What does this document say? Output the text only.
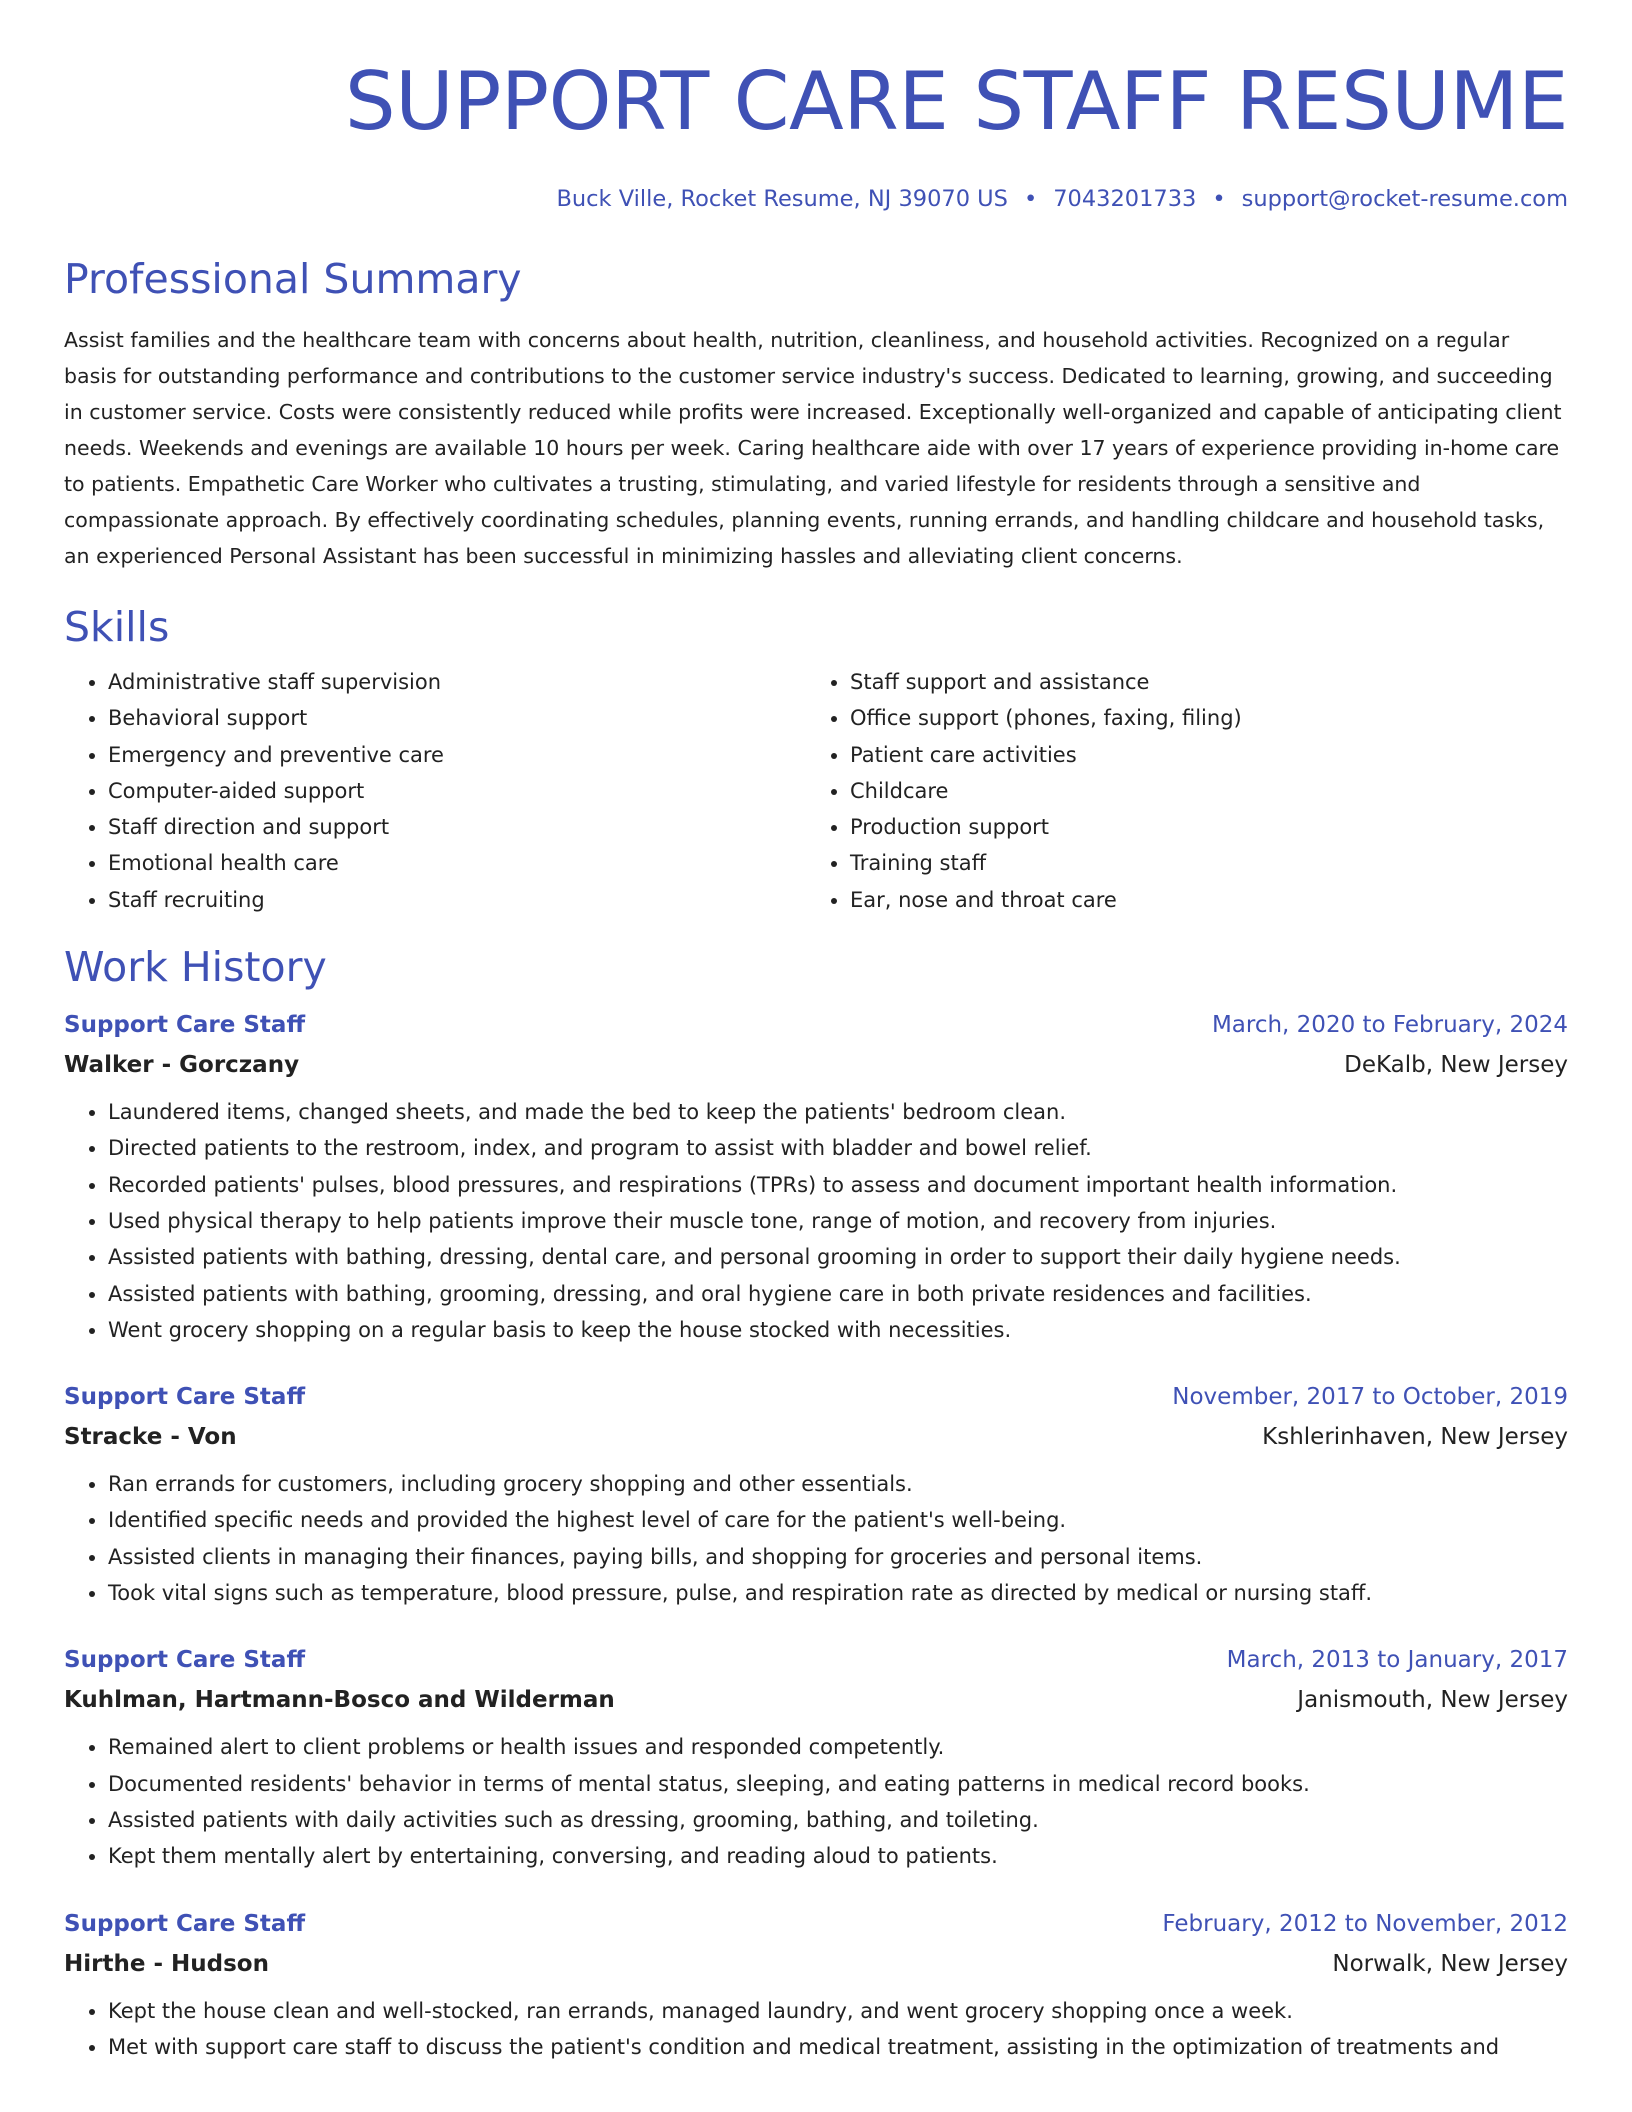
SUPPORT CARE STAFF RESUME
Buck Ville, Rocket Resume, NJ 39070 US • 7043201733 • support@rocket-resume.com
Professional Summary

Assist families and the healthcare team with concerns about health, nutrition, cleanliness, and household activities. Recognized on a regular basis for outstanding performance and contributions to the customer service industry's success. Dedicated to learning, growing, and succeeding in customer service. Costs were consistently reduced while profits were increased. Exceptionally well-organized and capable of anticipating client needs. Weekends and evenings are available 10 hours per week. Caring healthcare aide with over 17 years of experience providing in-home care to patients. Empathetic Care Worker who cultivates a trusting, stimulating, and varied lifestyle for residents through a sensitive and compassionate approach. By effectively coordinating schedules, planning events, running errands, and handling childcare and household tasks, an experienced Personal Assistant has been successful in minimizing hassles and alleviating client concerns.

Skills
• Administrative staff supervision
• Behavioral support
• Emergency and preventive care
• Computer-aided support
• Staff direction and support
• Emotional health care
• Staff recruiting
• Staff support and assistance
• Office support (phones, faxing, filing)
• Patient care activities
• Childcare
• Production support
• Training staff
• Ear, nose and throat care
Work History
Support Care Staff	March, 2020 to February, 2024
Walker - Gorczany	DeKalb, New Jersey
• Laundered items, changed sheets, and made the bed to keep the patients' bedroom clean.
• Directed patients to the restroom, index, and program to assist with bladder and bowel relief.
• Recorded patients' pulses, blood pressures, and respirations (TPRs) to assess and document important health information.
• Used physical therapy to help patients improve their muscle tone, range of motion, and recovery from injuries.
• Assisted patients with bathing, dressing, dental care, and personal grooming in order to support their daily hygiene needs.
• Assisted patients with bathing, grooming, dressing, and oral hygiene care in both private residences and facilities.
• Went grocery shopping on a regular basis to keep the house stocked with necessities.
Support Care Staff	November, 2017 to October, 2019
Stracke - Von	Kshlerinhaven, New Jersey
• Ran errands for customers, including grocery shopping and other essentials.
• Identified specific needs and provided the highest level of care for the patient's well-being.
• Assisted clients in managing their finances, paying bills, and shopping for groceries and personal items.
• Took vital signs such as temperature, blood pressure, pulse, and respiration rate as directed by medical or nursing staff.
Support Care Staff	March, 2013 to January, 2017
Kuhlman, Hartmann-Bosco and Wilderman	Janismouth, New Jersey
• Remained alert to client problems or health issues and responded competently.
• Documented residents' behavior in terms of mental status, sleeping, and eating patterns in medical record books.
• Assisted patients with daily activities such as dressing, grooming, bathing, and toileting.
• Kept them mentally alert by entertaining, conversing, and reading aloud to patients.
Support Care Staff	February, 2012 to November, 2012
Hirthe - Hudson	Norwalk, New Jersey
• Kept the house clean and well-stocked, ran errands, managed laundry, and went grocery shopping once a week.
• Met with support care staff to discuss the patient's condition and medical treatment, assisting in the optimization of treatments and
